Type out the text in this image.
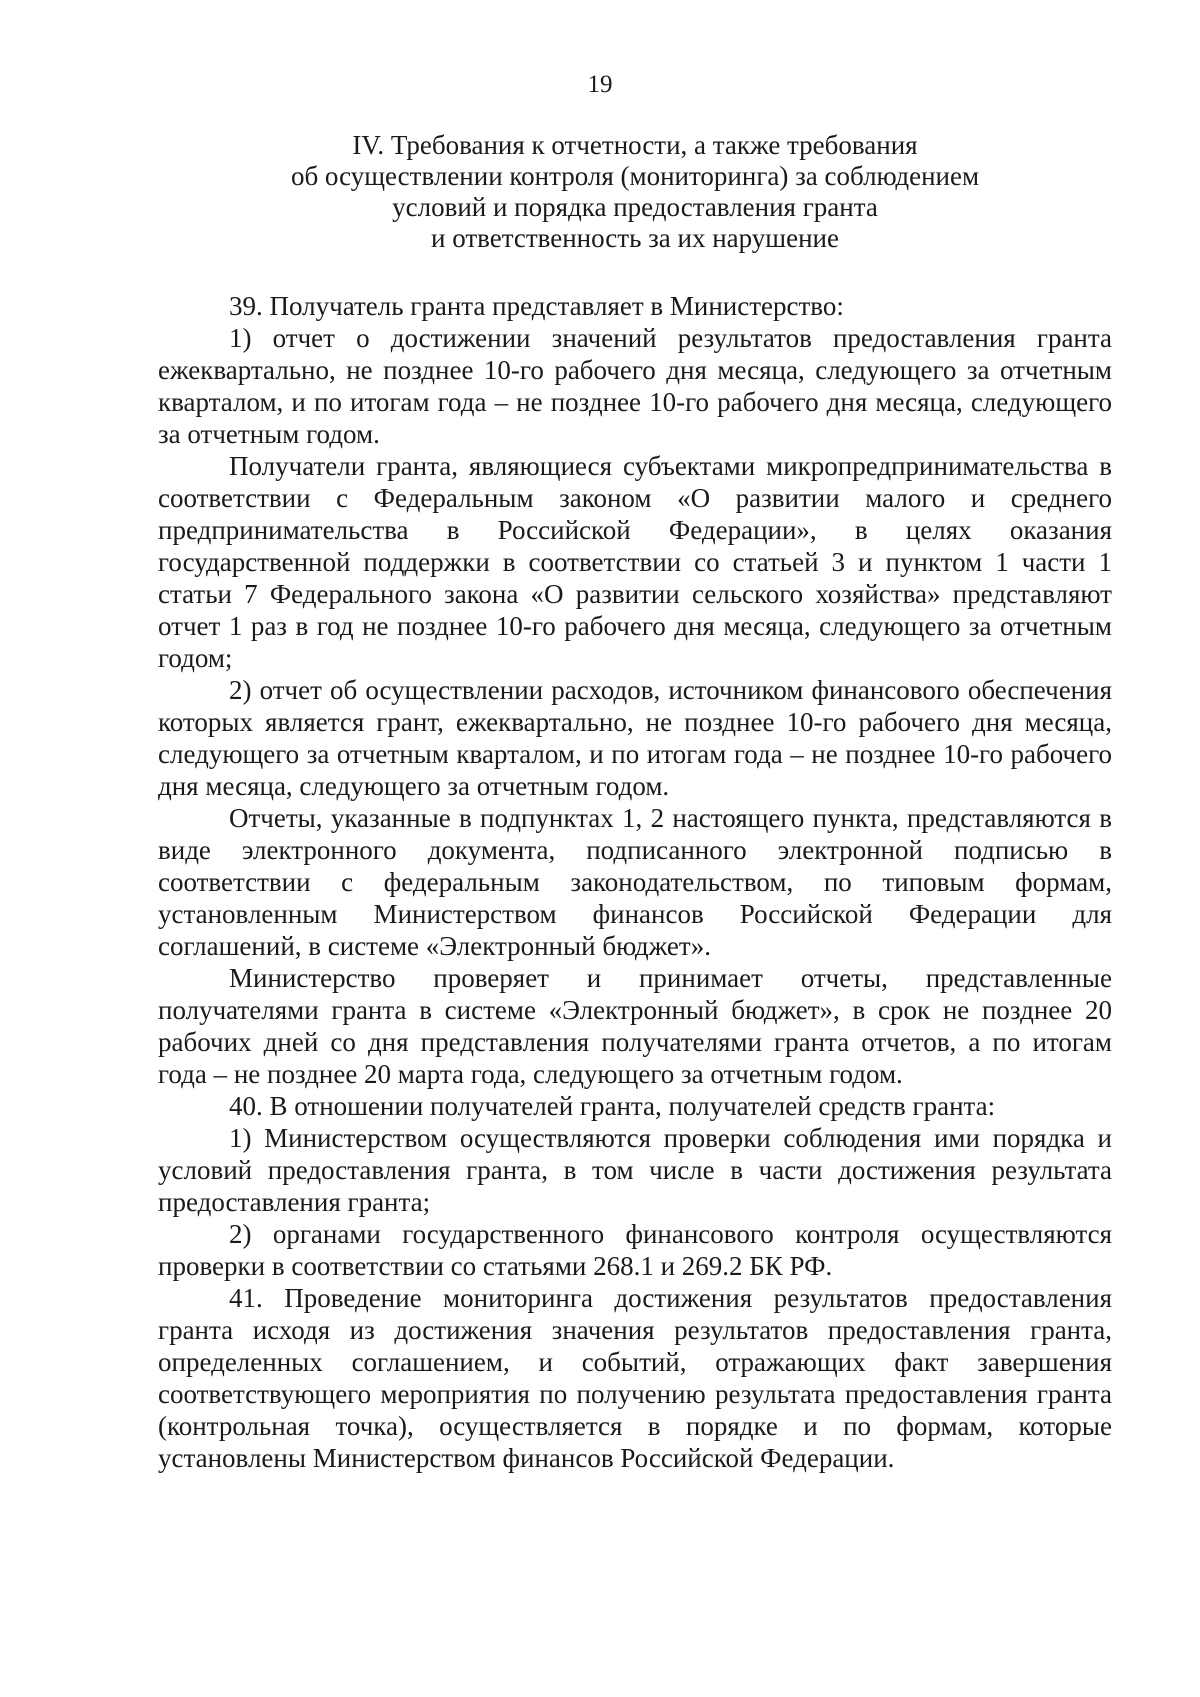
19
IV. Требования к отчетности, а также требования
об осуществлении контроля (мониторинга) за соблюдением
условий и порядка предоставления гранта
и ответственность за их нарушение

39. Получатель гранта представляет в Министерство:

1) отчет о достижении значений результатов предоставления гранта ежеквартально, не позднее 10-го рабочего дня месяца, следующего за отчетным кварталом, и по итогам года – не позднее 10-го рабочего дня месяца, следующего за отчетным годом.

Получатели гранта, являющиеся субъектами микропредпринимательства в соответствии с Федеральным законом «О развитии малого и среднего предпринимательства в Российской Федерации», в целях оказания государственной поддержки в соответствии со статьей 3 и пунктом 1 части 1 статьи 7 Федерального закона «О развитии сельского хозяйства» представляют отчет 1 раз в год не позднее 10-го рабочего дня месяца, следующего за отчетным годом;

2) отчет об осуществлении расходов, источником финансового обеспечения которых является грант, ежеквартально, не позднее 10-го рабочего дня месяца, следующего за отчетным кварталом, и по итогам года – не позднее 10-го рабочего дня месяца, следующего за отчетным годом.

Отчеты, указанные в подпунктах 1, 2 настоящего пункта, представляются в виде электронного документа, подписанного электронной подписью в соответствии с федеральным законодательством, по типовым формам, установленным Министерством финансов Российской Федерации для соглашений, в системе «Электронный бюджет».

Министерство проверяет и принимает отчеты, представленные получателями гранта в системе «Электронный бюджет», в срок не позднее 20 рабочих дней со дня представления получателями гранта отчетов, а по итогам года – не позднее 20 марта года, следующего за отчетным годом.

40. В отношении получателей гранта, получателей средств гранта:

1) Министерством осуществляются проверки соблюдения ими порядка и условий предоставления гранта, в том числе в части достижения результата предоставления гранта;

2) органами государственного финансового контроля осуществляются проверки в соответствии со статьями 268.1 и 269.2 БК РФ.

41. Проведение мониторинга достижения результатов предоставления гранта исходя из достижения значения результатов предоставления гранта, определенных соглашением, и событий, отражающих факт завершения соответствующего мероприятия по получению результата предоставления гранта (контрольная точка), осуществляется в порядке и по формам, которые установлены Министерством финансов Российской Федерации.
